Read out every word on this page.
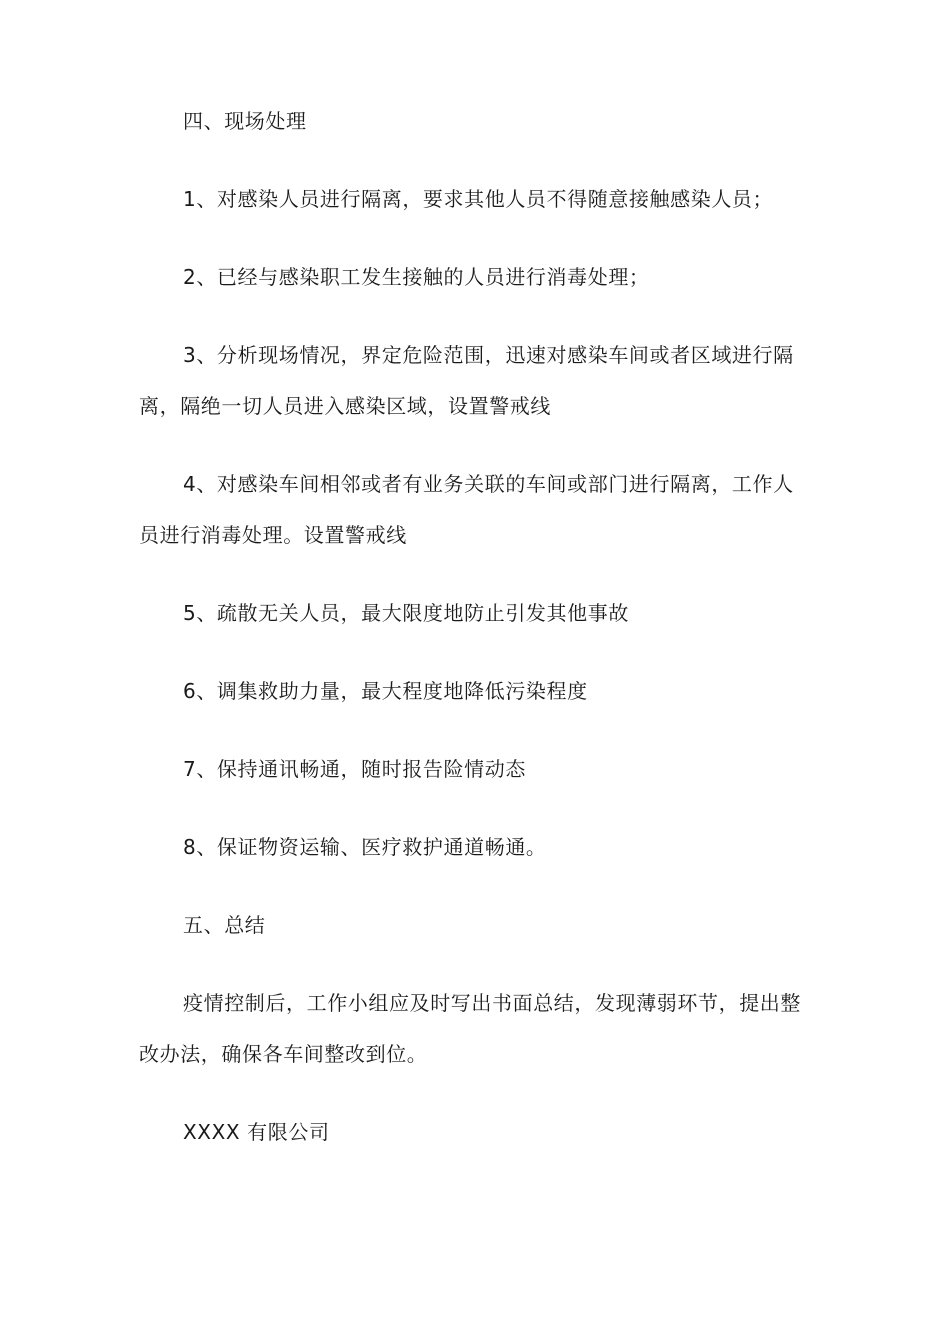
四、现场处理

1、对感染人员进行隔离，要求其他人员不得随意接触感染人员；

2、已经与感染职工发生接触的人员进行消毒处理；

3、分析现场情况，界定危险范围，迅速对感染车间或者区域进行隔离，隔绝一切人员进入感染区域，设置警戒线

4、对感染车间相邻或者有业务关联的车间或部门进行隔离，工作人员进行消毒处理。设置警戒线

5、疏散无关人员，最大限度地防止引发其他事故

6、调集救助力量，最大程度地降低污染程度

7、保持通讯畅通，随时报告险情动态

8、保证物资运输、医疗救护通道畅通。

五、总结

疫情控制后，工作小组应及时写出书面总结，发现薄弱环节，提出整改办法，确保各车间整改到位。

XXXX 有限公司
